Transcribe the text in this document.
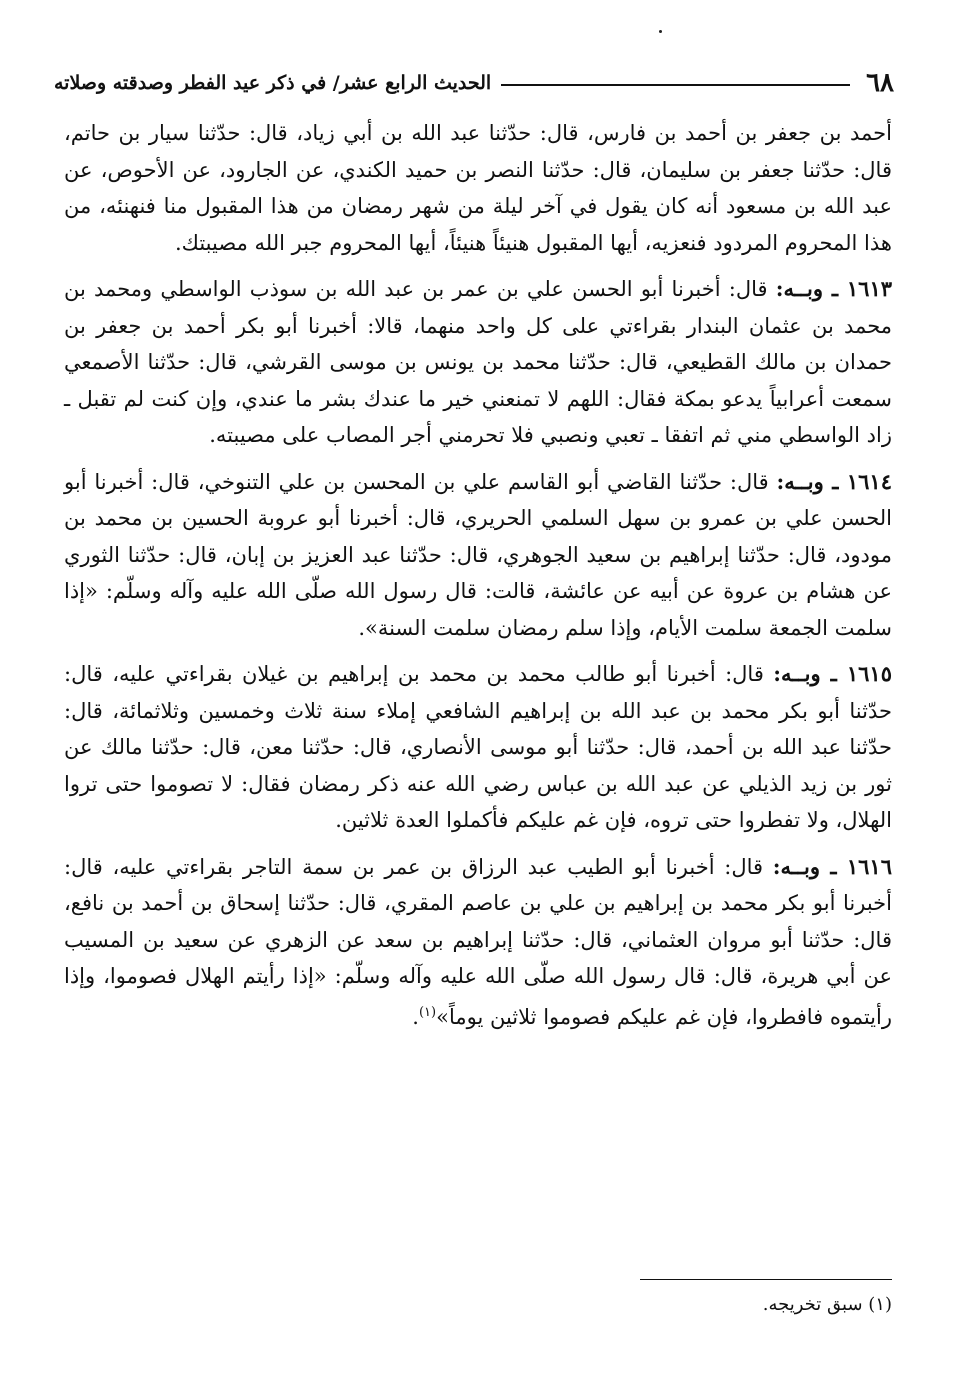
٦٨
الحديث الرابع عشر/ في ذكر عيد الفطر وصدقته وصلاته

أحمد بن جعفر بن أحمد بن فارس، قال: حدّثنا عبد الله بن أبي زياد، قال: حدّثنا سيار بن حاتم، قال: حدّثنا جعفر بن سليمان، قال: حدّثنا النصر بن حميد الكندي، عن الجارود، عن الأحوص، عن عبد الله بن مسعود أنه كان يقول في آخر ليلة من شهر رمضان من هذا المقبول منا فنهنئه، من هذا المحروم المردود فنعزيه، أيها المقبول هنيئاً هنيئاً، أيها المحروم جبر الله مصيبتك.

١٦١٣ ـ وبــه: قال: أخبرنا أبو الحسن علي بن عمر بن عبد الله بن سوذب الواسطي ومحمد بن محمد بن عثمان البندار بقراءتي على كل واحد منهما، قالا: أخبرنا أبو بكر أحمد بن جعفر بن حمدان بن مالك القطيعي، قال: حدّثنا محمد بن يونس بن موسى القرشي، قال: حدّثنا الأصمعي سمعت أعرابياً يدعو بمكة فقال: اللهم لا تمنعني خير ما عندك بشر ما عندي، وإن كنت لم تقبل ـ زاد الواسطي مني ثم اتفقا ـ تعبي ونصبي فلا تحرمني أجر المصاب على مصيبته.

١٦١٤ ـ وبــه: قال: حدّثنا القاضي أبو القاسم علي بن المحسن بن علي التنوخي، قال: أخبرنا أبو الحسن علي بن عمرو بن سهل السلمي الحريري، قال: أخبرنا أبو عروبة الحسين بن محمد بن مودود، قال: حدّثنا إبراهيم بن سعيد الجوهري، قال: حدّثنا عبد العزيز بن إبان، قال: حدّثنا الثوري عن هشام بن عروة عن أبيه عن عائشة، قالت: قال رسول الله صلّى الله عليه وآله وسلّم: «إذا سلمت الجمعة سلمت الأيام، وإذا سلم رمضان سلمت السنة».

١٦١٥ ـ وبــه: قال: أخبرنا أبو طالب محمد بن محمد بن إبراهيم بن غيلان بقراءتي عليه، قال: حدّثنا أبو بكر محمد بن عبد الله بن إبراهيم الشافعي إملاء سنة ثلاث وخمسين وثلاثمائة، قال: حدّثنا عبد الله بن أحمد، قال: حدّثنا أبو موسى الأنصاري، قال: حدّثنا معن، قال: حدّثنا مالك عن ثور بن زيد الذيلي عن عبد الله بن عباس رضي الله عنه ذكر رمضان فقال: لا تصوموا حتى تروا الهلال، ولا تفطروا حتى تروه، فإن غم عليكم فأكملوا العدة ثلاثين.

١٦١٦ ـ وبــه: قال: أخبرنا أبو الطيب عبد الرزاق بن عمر بن سمة التاجر بقراءتي عليه، قال: أخبرنا أبو بكر محمد بن إبراهيم بن علي بن عاصم المقري، قال: حدّثنا إسحاق بن أحمد بن نافع، قال: حدّثنا أبو مروان العثماني، قال: حدّثنا إبراهيم بن سعد عن الزهري عن سعيد بن المسيب عن أبي هريرة، قال: قال رسول الله صلّى الله عليه وآله وسلّم: «إذا رأيتم الهلال فصوموا، وإذا رأيتموه فافطروا، فإن غم عليكم فصوموا ثلاثين يوماً»$^{(١)}$.

(١) سبق تخريجه.
